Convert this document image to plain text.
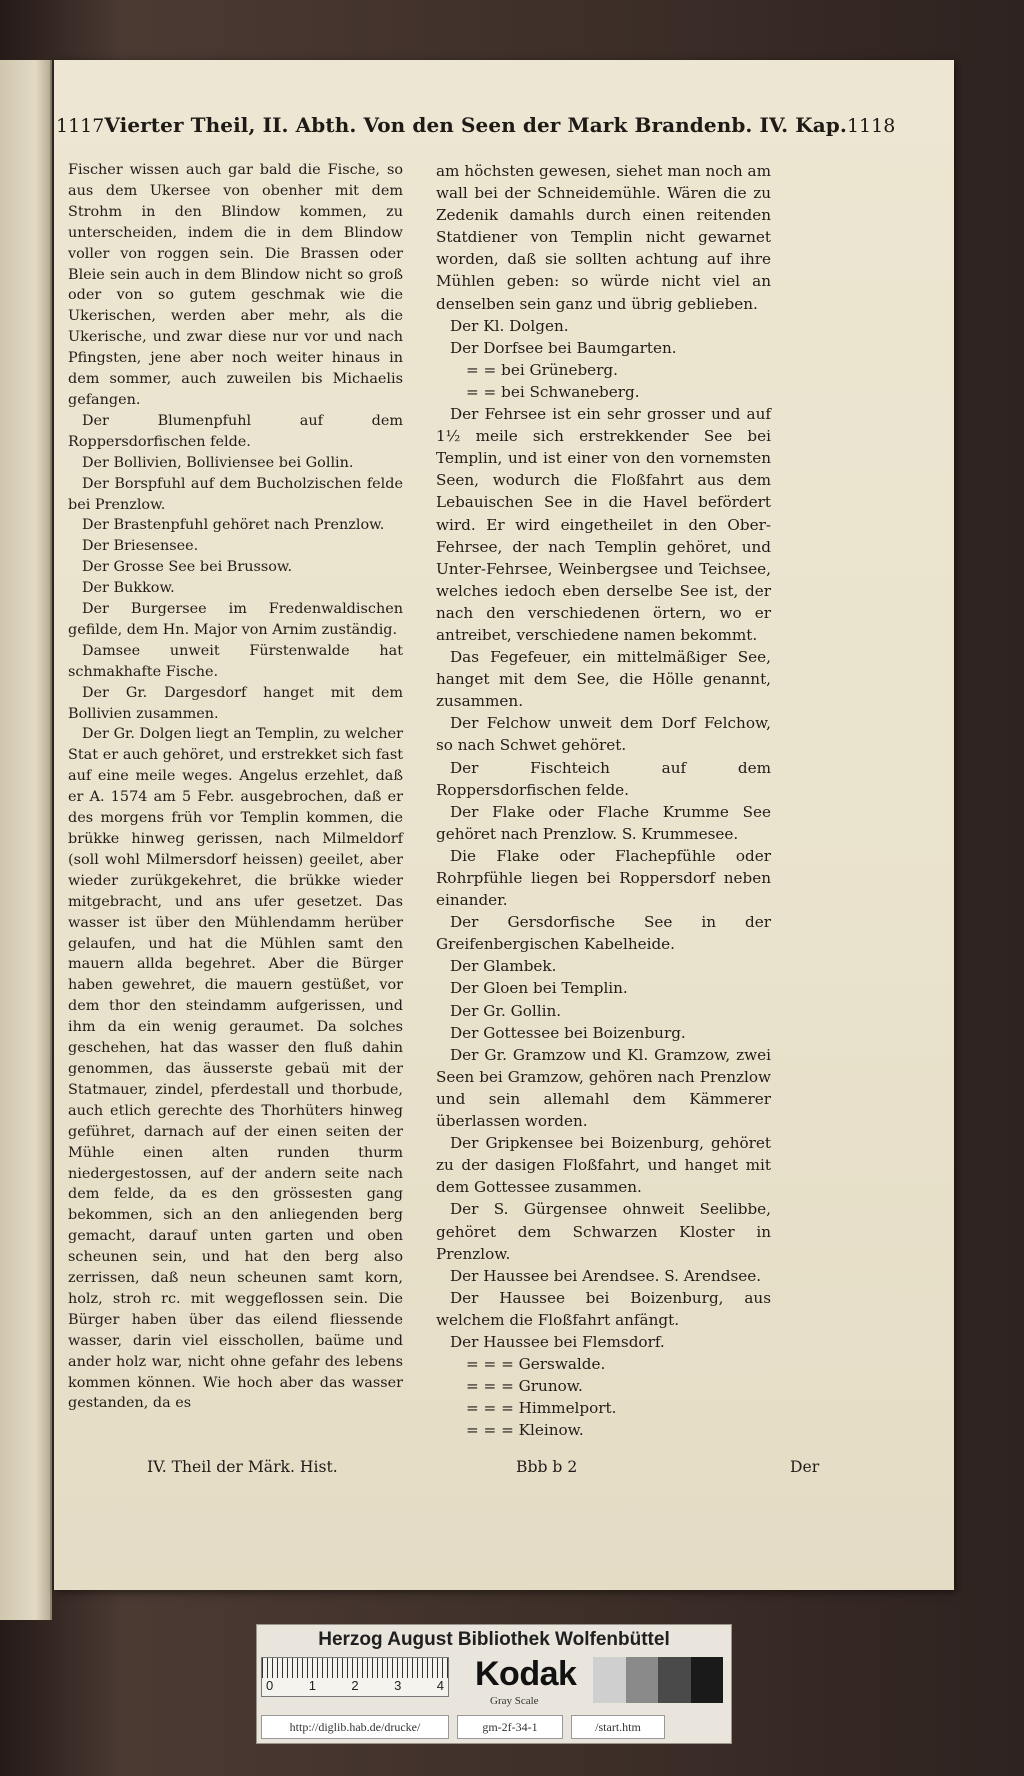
1117 Vierter Theil, II. Abth. Von den Seen der Mark Brandenb. IV. Kap. 1118

Fischer wissen auch gar bald die Fische, so aus dem Ukersee von obenher mit dem Strohm in den Blindow kommen, zu unterscheiden, indem die in dem Blindow voller von roggen sein. Die Brassen oder Bleie sein auch in dem Blindow nicht so groß oder von so gutem geschmak wie die Ukerischen, werden aber mehr, als die Ukerische, und zwar diese nur vor und nach Pfingsten, jene aber noch weiter hinaus in dem sommer, auch zuweilen bis Michaelis gefangen.

Der Blumenpfuhl auf dem Roppersdorfischen felde.

Der Bollivien, Bolliviensee bei Gollin.

Der Borspfuhl auf dem Bucholzischen felde bei Prenzlow.

Der Brastenpfuhl gehöret nach Prenzlow.

Der Briesensee.

Der Grosse See bei Brussow.

Der Bukkow.

Der Burgersee im Fredenwaldischen gefilde, dem Hn. Major von Arnim zuständig.

Damsee unweit Fürstenwalde hat schmakhafte Fische.

Der Gr. Dargesdorf hanget mit dem Bollivien zusammen.

Der Gr. Dolgen liegt an Templin, zu welcher Stat er auch gehöret, und erstrekket sich fast auf eine meile weges. Angelus erzehlet, daß er A. 1574 am 5 Febr. ausgebrochen, daß er des morgens früh vor Templin kommen, die brükke hinweg gerissen, nach Milmeldorf (soll wohl Milmersdorf heissen) geeilet, aber wieder zurükgekehret, die brükke wieder mitgebracht, und ans ufer gesetzet. Das wasser ist über den Mühlendamm herüber gelaufen, und hat die Mühlen samt den mauern allda begehret. Aber die Bürger haben gewehret, die mauern gestüßet, vor dem thor den steindamm aufgerissen, und ihm da ein wenig geraumet. Da solches geschehen, hat das wasser den fluß dahin genommen, das äusserste gebaü mit der Statmauer, zindel, pferdestall und thorbude, auch etlich gerechte des Thorhüters hinweg geführet, darnach auf der einen seiten der Mühle einen alten runden thurm niedergestossen, auf der andern seite nach dem felde, da es den grössesten gang bekommen, sich an den anliegenden berg gemacht, darauf unten garten und oben scheunen sein, und hat den berg also zerrissen, daß neun scheunen samt korn, holz, stroh rc. mit weggeflossen sein. Die Bürger haben über das eilend fliessende wasser, darin viel eisschollen, baüme und ander holz war, nicht ohne gefahr des lebens kommen können. Wie hoch aber das wasser gestanden, da es

am höchsten gewesen, siehet man noch am wall bei der Schneidemühle. Wären die zu Zedenik damahls durch einen reitenden Statdiener von Templin nicht gewarnet worden, daß sie sollten achtung auf ihre Mühlen geben: so würde nicht viel an denselben sein ganz und übrig geblieben.

Der Kl. Dolgen.

Der Dorfsee bei Baumgarten.

= = bei Grüneberg.

= = bei Schwaneberg.

Der Fehrsee ist ein sehr grosser und auf 1½ meile sich erstrekkender See bei Templin, und ist einer von den vornemsten Seen, wodurch die Floßfahrt aus dem Lebauischen See in die Havel befördert wird. Er wird eingetheilet in den Ober-Fehrsee, der nach Templin gehöret, und Unter-Fehrsee, Weinbergsee und Teichsee, welches iedoch eben derselbe See ist, der nach den verschiedenen örtern, wo er antreibet, verschiedene namen bekommt.

Das Fegefeuer, ein mittelmäßiger See, hanget mit dem See, die Hölle genannt, zusammen.

Der Felchow unweit dem Dorf Felchow, so nach Schwet gehöret.

Der Fischteich auf dem Roppersdorfischen felde.

Der Flake oder Flache Krumme See gehöret nach Prenzlow. S. Krummesee.

Die Flake oder Flachepfühle oder Rohrpfühle liegen bei Roppersdorf neben einander.

Der Gersdorfische See in der Greifenbergischen Kabelheide.

Der Glambek.

Der Gloen bei Templin.

Der Gr. Gollin.

Der Gottessee bei Boizenburg.

Der Gr. Gramzow und Kl. Gramzow, zwei Seen bei Gramzow, gehören nach Prenzlow und sein allemahl dem Kämmerer überlassen worden.

Der Gripkensee bei Boizenburg, gehöret zu der dasigen Floßfahrt, und hanget mit dem Gottessee zusammen.

Der S. Gürgensee ohnweit Seelibbe, gehöret dem Schwarzen Kloster in Prenzlow.

Der Haussee bei Arendsee. S. Arendsee.

Der Haussee bei Boizenburg, aus welchem die Floßfahrt anfängt.

Der Haussee bei Flemsdorf.

= = = Gerswalde.

= = = Grunow.

= = = Himmelport.

= = = Kleinow.

IV. Theil der Märk. Hist.	Bbb b 2	Der
Herzog August Bibliothek Wolfenbüttel
0	1	2	3	4 Kodak
Gray Scale
http://diglib.hab.de/drucke/	gm-2f-34-1	/start.htm
